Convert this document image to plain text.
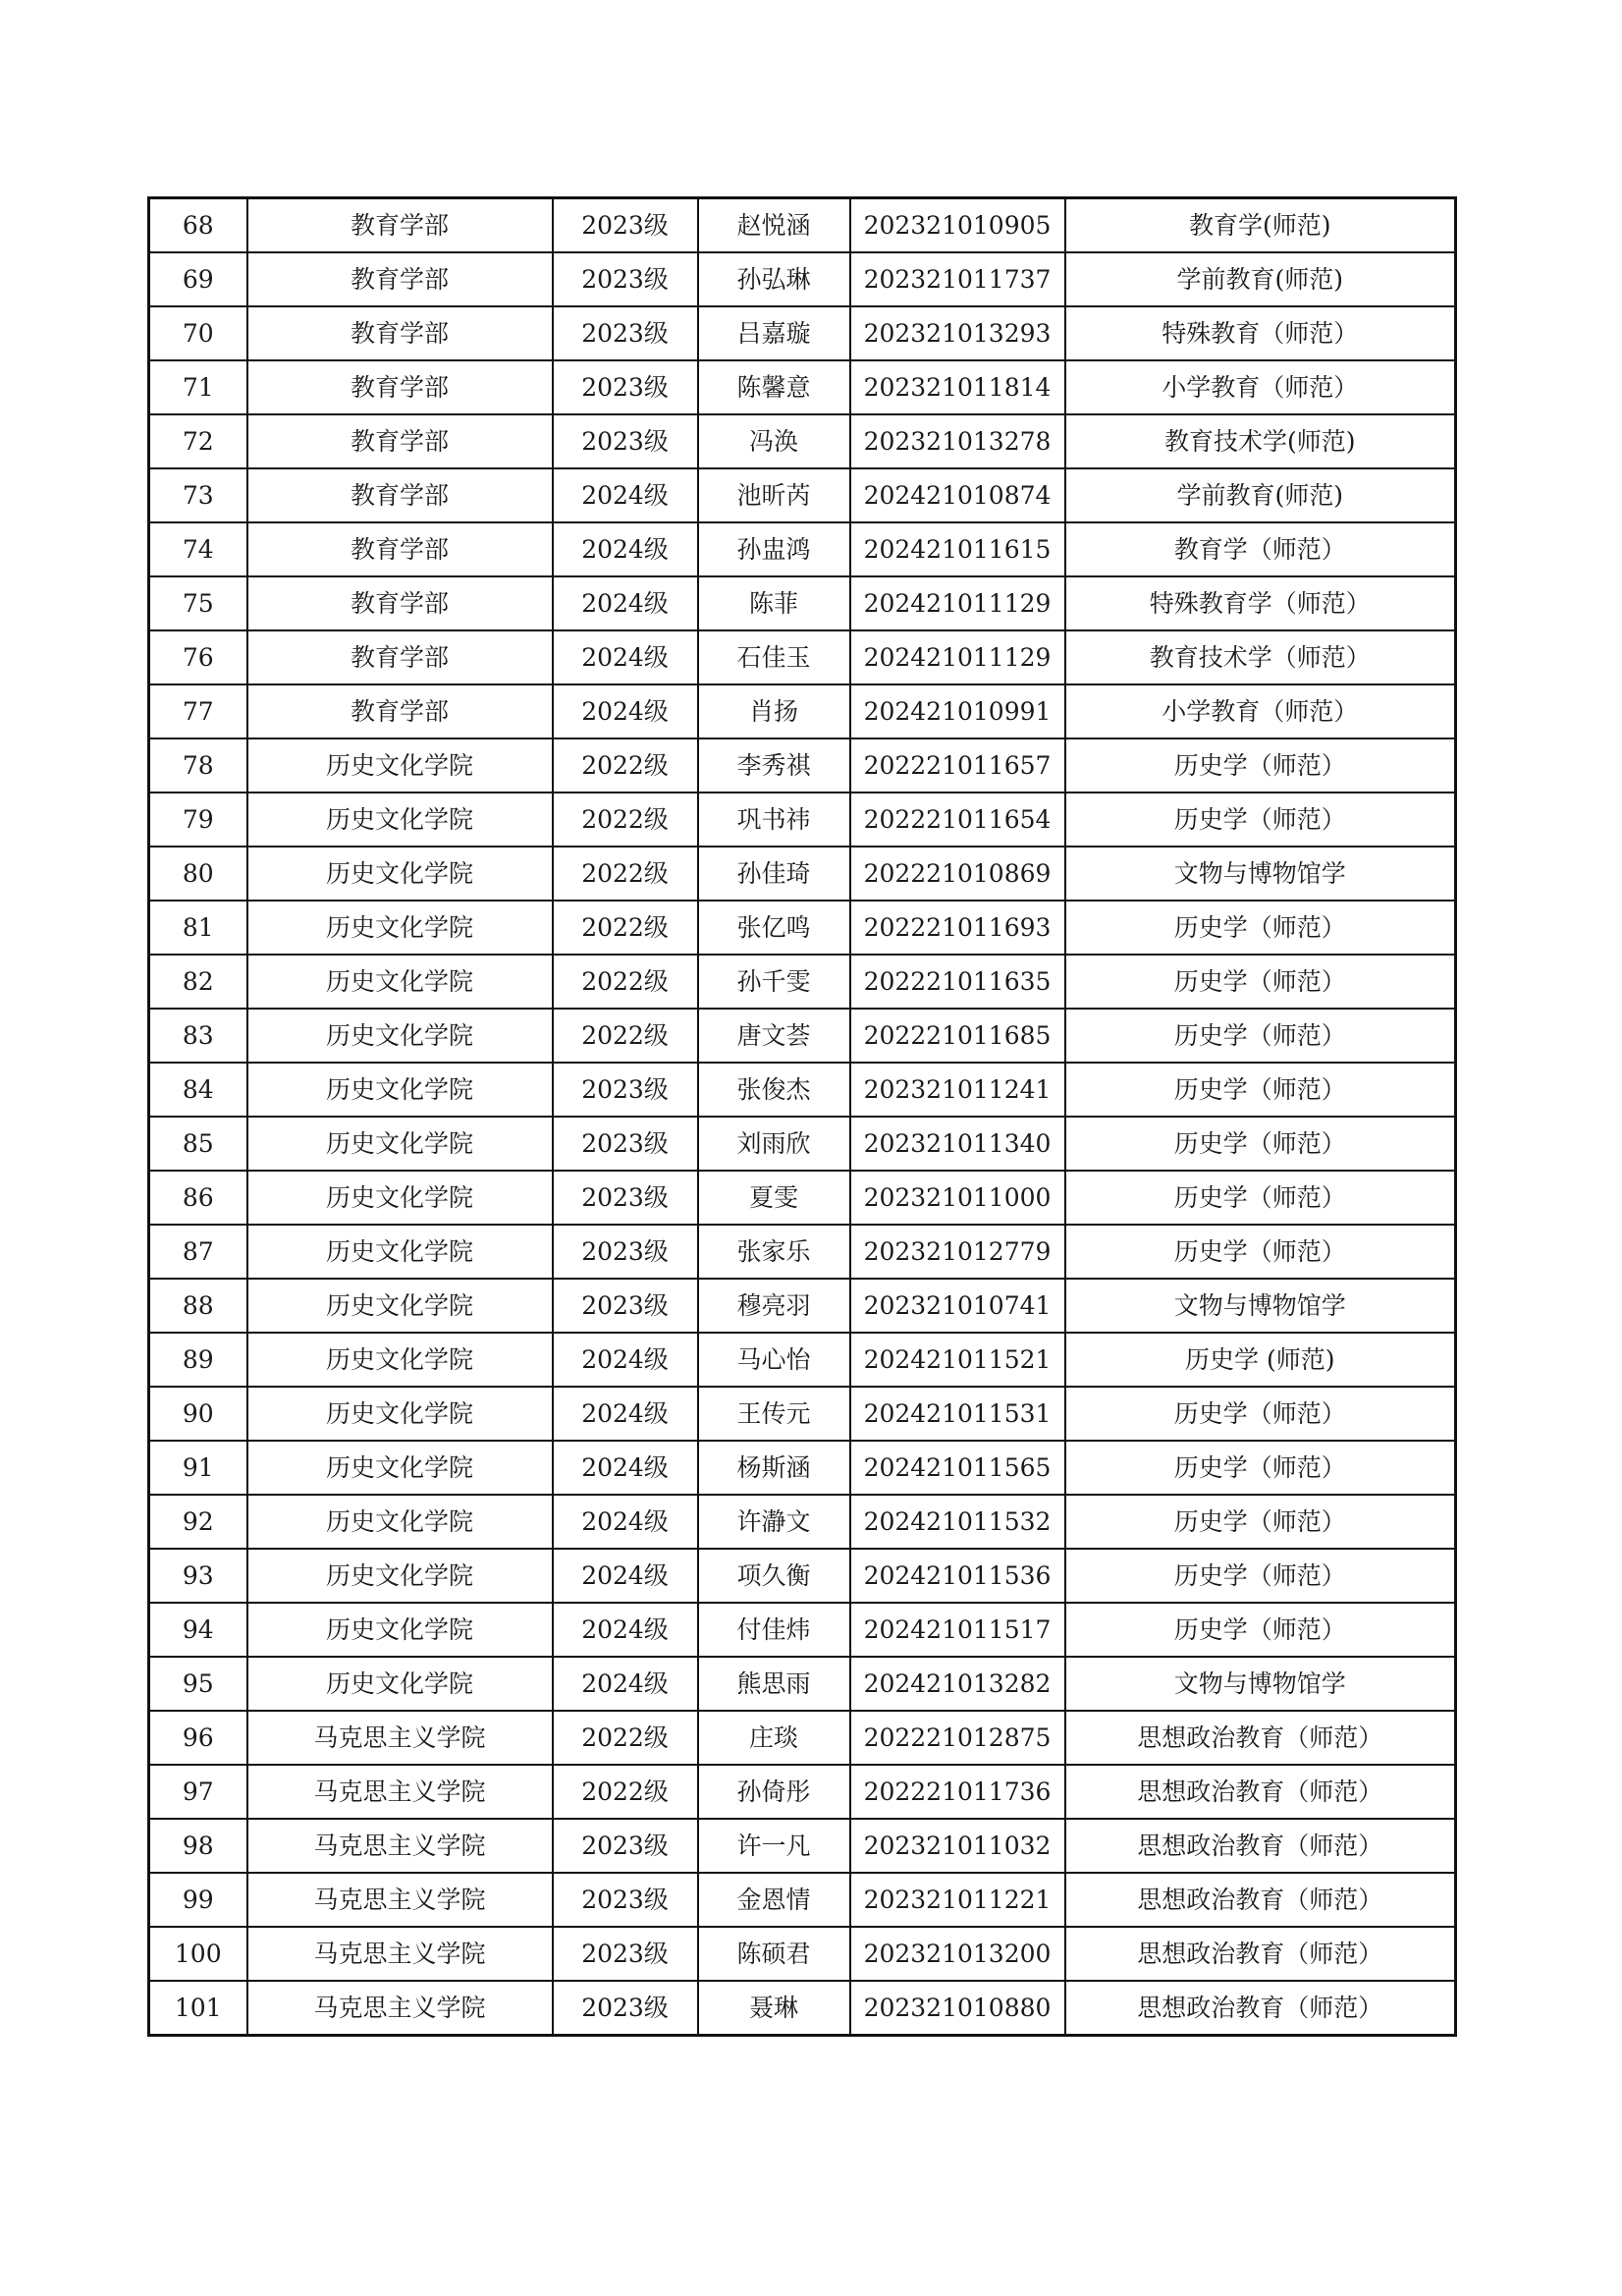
68	教育学部	2023级	赵悦涵	202321010905	教育学(师范)
69	教育学部	2023级	孙弘琳	202321011737	学前教育(师范)
70	教育学部	2023级	吕嘉璇	202321013293	特殊教育（师范）
71	教育学部	2023级	陈馨意	202321011814	小学教育（师范）
72	教育学部	2023级	冯涣	202321013278	教育技术学(师范)
73	教育学部	2024级	池昕芮	202421010874	学前教育(师范)
74	教育学部	2024级	孙盅鸿	202421011615	教育学（师范）
75	教育学部	2024级	陈菲	202421011129	特殊教育学（师范）
76	教育学部	2024级	石佳玉	202421011129	教育技术学（师范）
77	教育学部	2024级	肖扬	202421010991	小学教育（师范）
78	历史文化学院	2022级	李秀祺	202221011657	历史学（师范）
79	历史文化学院	2022级	巩书祎	202221011654	历史学（师范）
80	历史文化学院	2022级	孙佳琦	202221010869	文物与博物馆学
81	历史文化学院	2022级	张亿鸣	202221011693	历史学（师范）
82	历史文化学院	2022级	孙千雯	202221011635	历史学（师范）
83	历史文化学院	2022级	唐文荟	202221011685	历史学（师范）
84	历史文化学院	2023级	张俊杰	202321011241	历史学（师范）
85	历史文化学院	2023级	刘雨欣	202321011340	历史学（师范）
86	历史文化学院	2023级	夏雯	202321011000	历史学（师范）
87	历史文化学院	2023级	张家乐	202321012779	历史学（师范）
88	历史文化学院	2023级	穆亮羽	202321010741	文物与博物馆学
89	历史文化学院	2024级	马心怡	202421011521	历史学 (师范)
90	历史文化学院	2024级	王传元	202421011531	历史学（师范）
91	历史文化学院	2024级	杨斯涵	202421011565	历史学（师范）
92	历史文化学院	2024级	许瀞文	202421011532	历史学（师范）
93	历史文化学院	2024级	项久衡	202421011536	历史学（师范）
94	历史文化学院	2024级	付佳炜	202421011517	历史学（师范）
95	历史文化学院	2024级	熊思雨	202421013282	文物与博物馆学
96	马克思主义学院	2022级	庄琰	202221012875	思想政治教育（师范）
97	马克思主义学院	2022级	孙倚彤	202221011736	思想政治教育（师范）
98	马克思主义学院	2023级	许一凡	202321011032	思想政治教育（师范）
99	马克思主义学院	2023级	金恩情	202321011221	思想政治教育（师范）
100	马克思主义学院	2023级	陈硕君	202321013200	思想政治教育（师范）
101	马克思主义学院	2023级	聂琳	202321010880	思想政治教育（师范）
